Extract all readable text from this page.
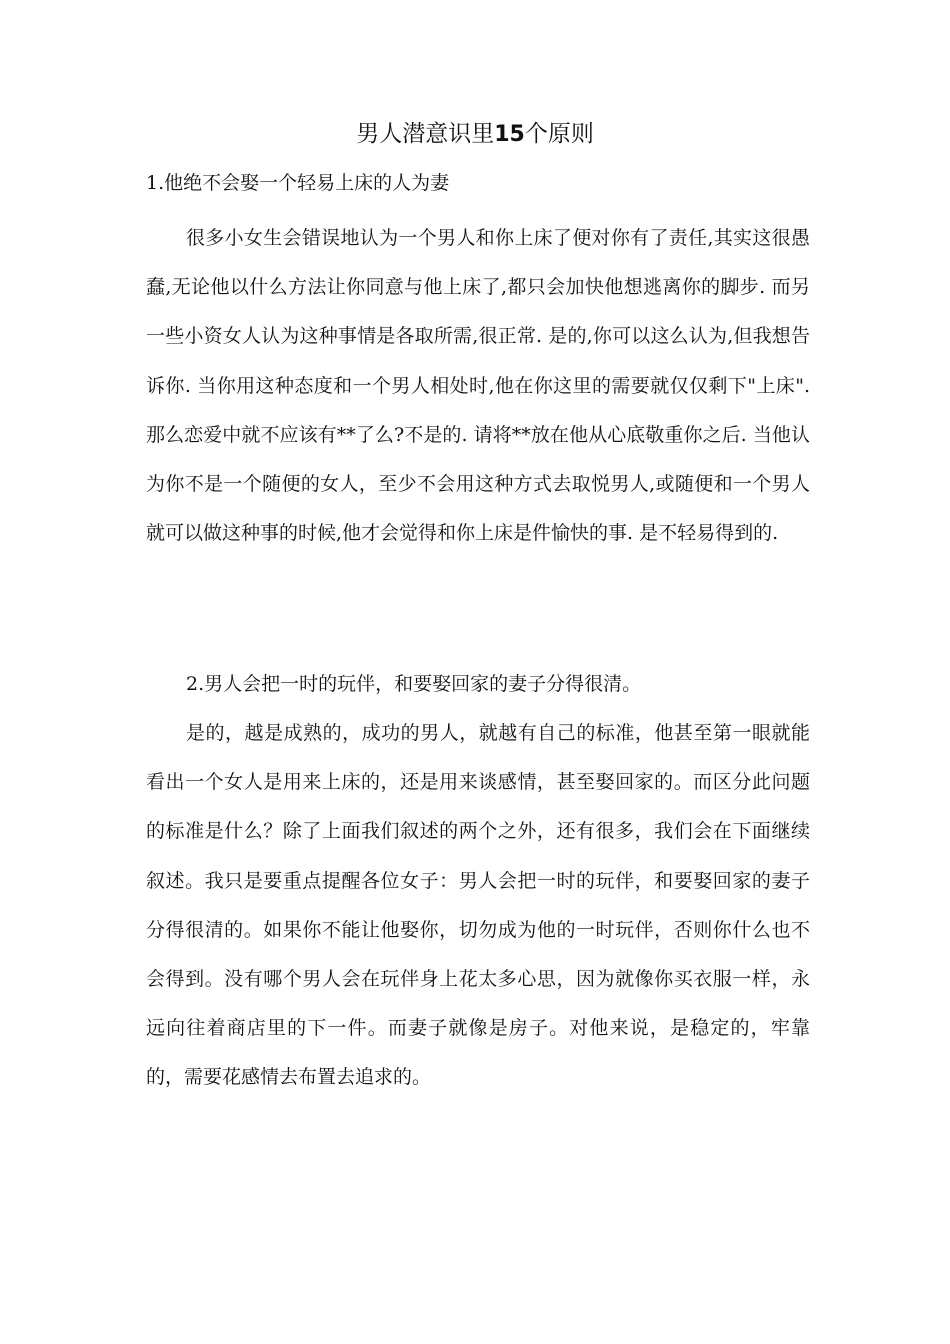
男人潜意识里15个原则
1.他绝不会娶一个轻易上床的人为妻

很多小女生会错误地认为一个男人和你上床了便对你有了责任,其实这很愚蠢,无论他以什么方法让你同意与他上床了,都只会加快他想逃离你的脚步. 而另一些小资女人认为这种事情是各取所需,很正常. 是的,你可以这么认为,但我想告诉你. 当你用这种态度和一个男人相处时,他在你这里的需要就仅仅剩下"上床". 那么恋爱中就不应该有**了么?不是的. 请将**放在他从心底敬重你之后. 当他认为你不是一个随便的女人，至少不会用这种方式去取悦男人,或随便和一个男人就可以做这种事的时候,他才会觉得和你上床是件愉快的事. 是不轻易得到的.

2.男人会把一时的玩伴，和要娶回家的妻子分得很清。

是的，越是成熟的，成功的男人，就越有自己的标准，他甚至第一眼就能看出一个女人是用来上床的，还是用来谈感情，甚至娶回家的。而区分此问题的标准是什么？除了上面我们叙述的两个之外，还有很多，我们会在下面继续叙述。我只是要重点提醒各位女子：男人会把一时的玩伴，和要娶回家的妻子分得很清的。如果你不能让他娶你，切勿成为他的一时玩伴，否则你什么也不会得到。没有哪个男人会在玩伴身上花太多心思，因为就像你买衣服一样，永远向往着商店里的下一件。而妻子就像是房子。对他来说，是稳定的，牢靠的，需要花感情去布置去追求的。
